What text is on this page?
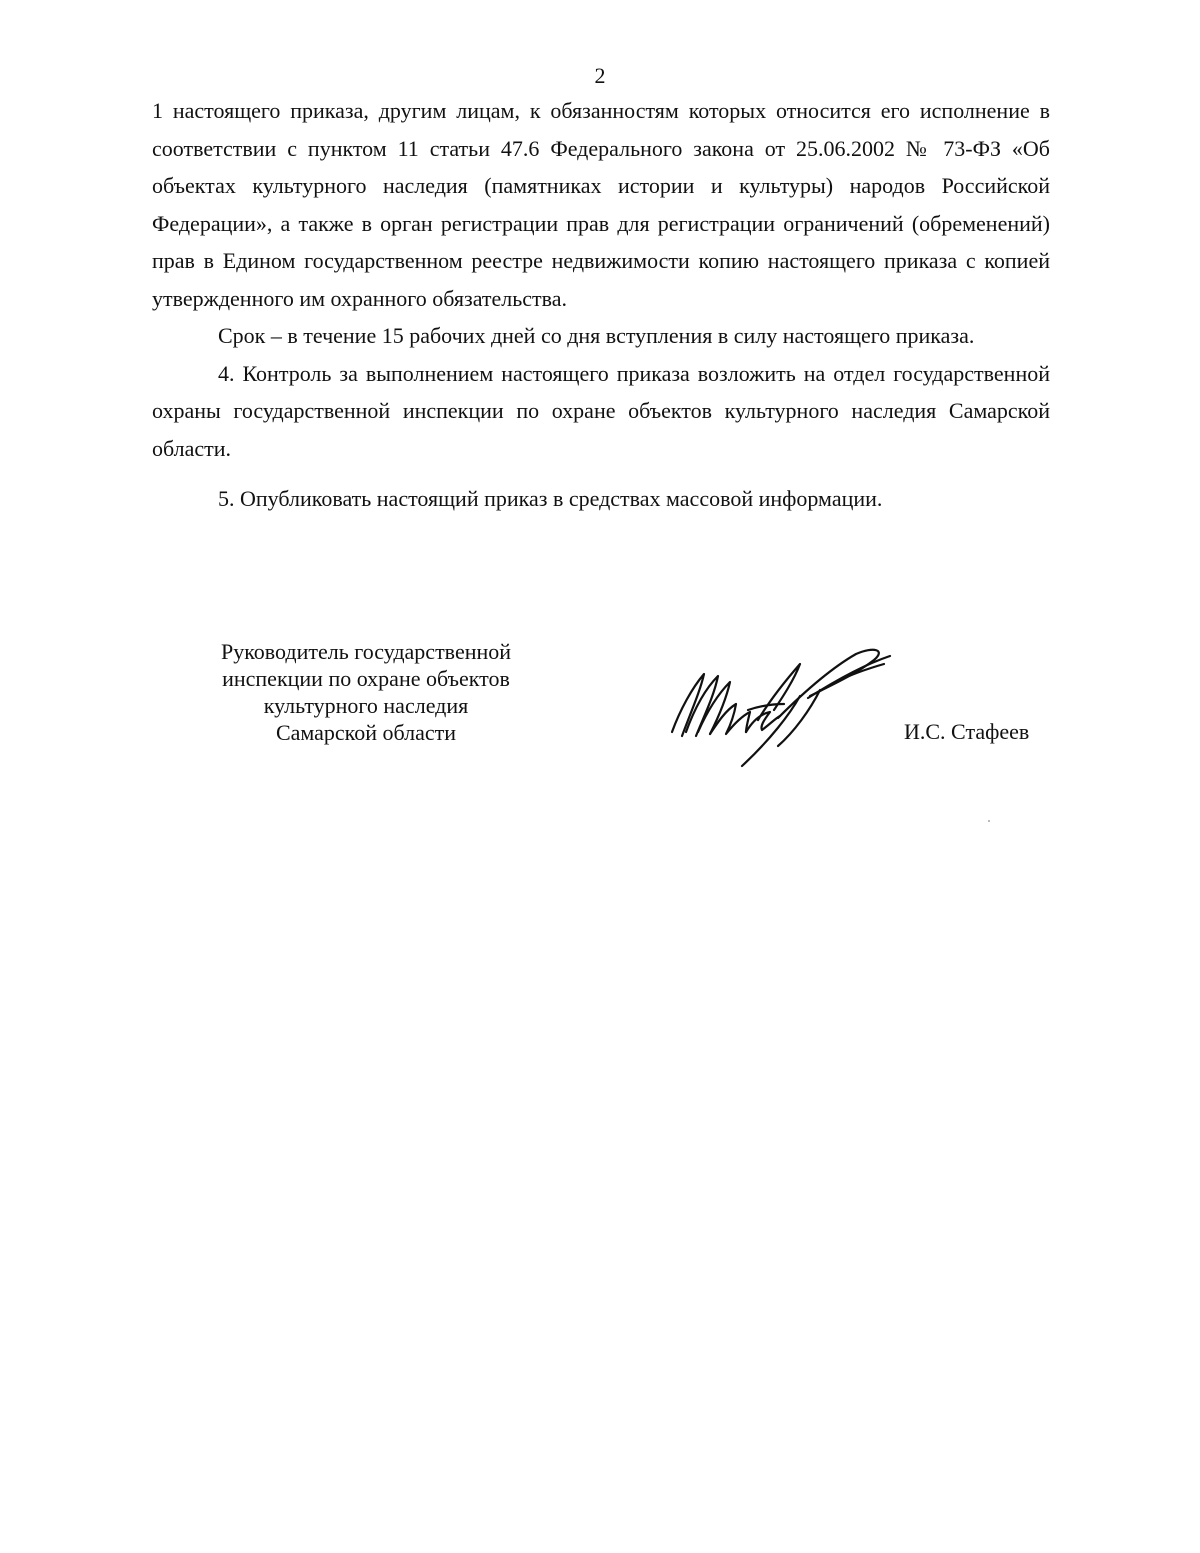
2

1 настоящего приказа, другим лицам, к обязанностям которых относится его исполнение в соответствии с пунктом 11 статьи 47.6 Федерального закона от 25.06.2002 № 73-ФЗ «Об объектах культурного наследия (памятниках истории и культуры) народов Российской Федерации», а также в орган регистрации прав для регистрации ограничений (обременений) прав в Едином государственном реестре недвижимости копию настоящего приказа с копией утвержденного им охранного обязательства.

Срок – в течение 15 рабочих дней со дня вступления в силу настоящего приказа.

4. Контроль за выполнением настоящего приказа возложить на отдел государственной охраны государственной инспекции по охране объектов культурного наследия Самарской области.

5. Опубликовать настоящий приказ в средствах массовой информации.

Руководитель государственной
инспекции по охране объектов
культурного наследия
Самарской области	И.С. Стафеев
